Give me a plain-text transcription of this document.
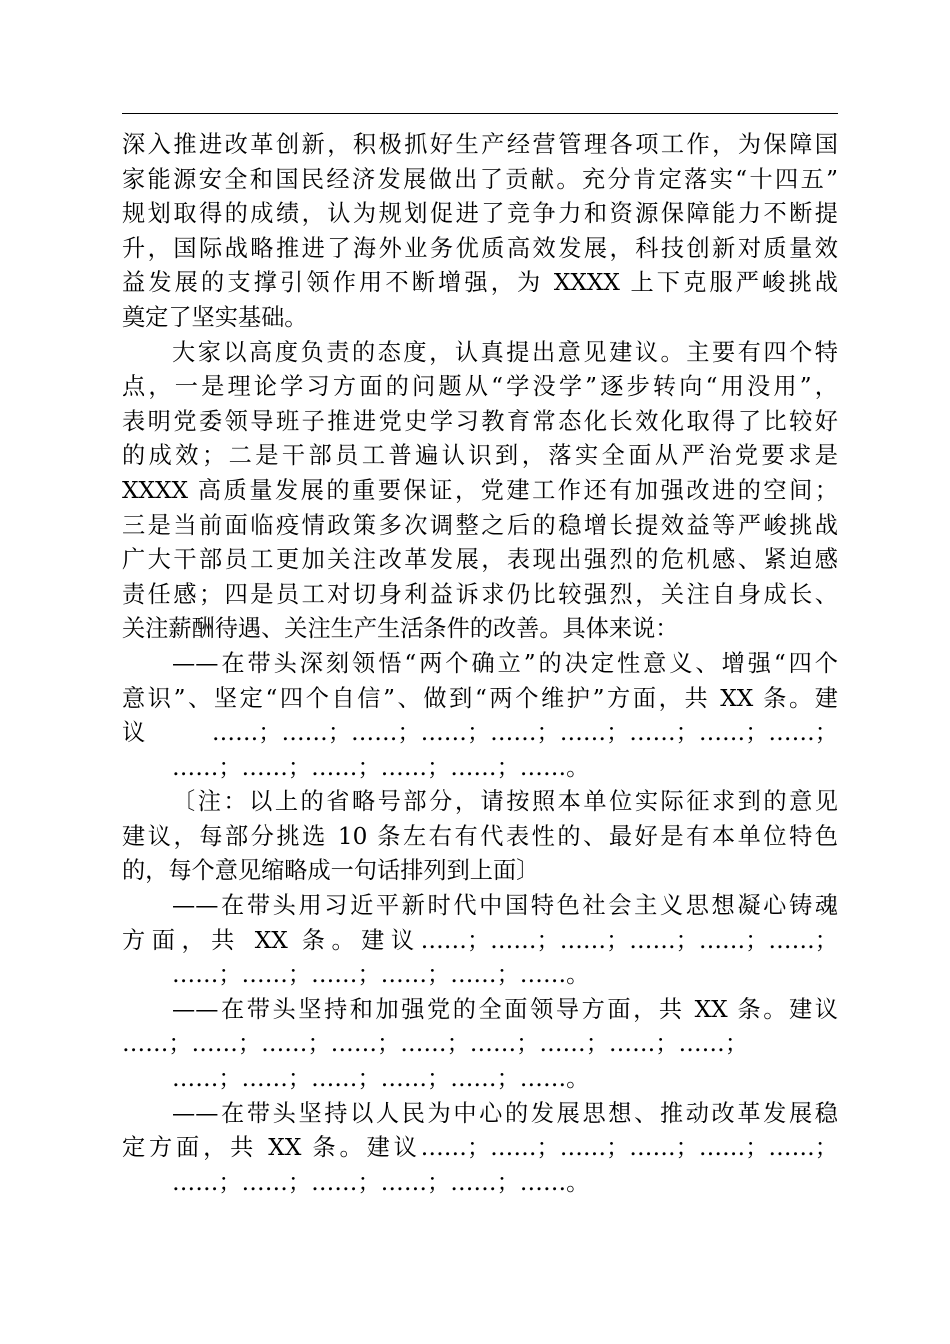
深入推进改革创新，积极抓好生产经营管理各项工作，为保障国
家能源安全和国民经济发展做出了贡献。充分肯定落实“十四五”
规划取得的成绩，认为规划促进了竞争力和资源保障能力不断提
升，国际战略推进了海外业务优质高效发展，科技创新对质量效
益发展的支撑引领作用不断增强，为 XXXX 上下克服严峻挑战
奠定了坚实基础。
大家以高度负责的态度，认真提出意见建议。主要有四个特
点，一是理论学习方面的问题从“学没学”逐步转向“用没用”，
表明党委领导班子推进党史学习教育常态化长效化取得了比较好
的成效；二是干部员工普遍认识到，落实全面从严治党要求是
XXXX 高质量发展的重要保证，党建工作还有加强改进的空间；
三是当前面临疫情政策多次调整之后的稳增长提效益等严峻挑战
广大干部员工更加关注改革发展，表现出强烈的危机感、紧迫感
责任感；四是员工对切身利益诉求仍比较强烈，关注自身成长、
关注薪酬待遇、关注生产生活条件的改善。具体来说：
——在带头深刻领悟“两个确立”的决定性意义、增强“四个
意识”、坚定“四个自信”、做到“两个维护”方面，共 XX 条。建
议……；……；……；……；……；……；……；……；……；
……；……；……；……；……；……。
〔注：以上的省略号部分，请按照本单位实际征求到的意见
建议，每部分挑选 10 条左右有代表性的、最好是有本单位特色
的，每个意见缩略成一句话排列到上面〕
——在带头用习近平新时代中国特色社会主义思想凝心铸魂
方面，共 XX 条。建议……；……；……；……；……；……；
……；……；……；……；……；……。
——在带头坚持和加强党的全面领导方面，共 XX 条。建议
……；……；……；……；……；……；……；……；……；
……；……；……；……；……；……。
——在带头坚持以人民为中心的发展思想、推动改革发展稳
定方面，共 XX 条。建议……；……；……；……；……；……；
……；……；……；……；……；……。
